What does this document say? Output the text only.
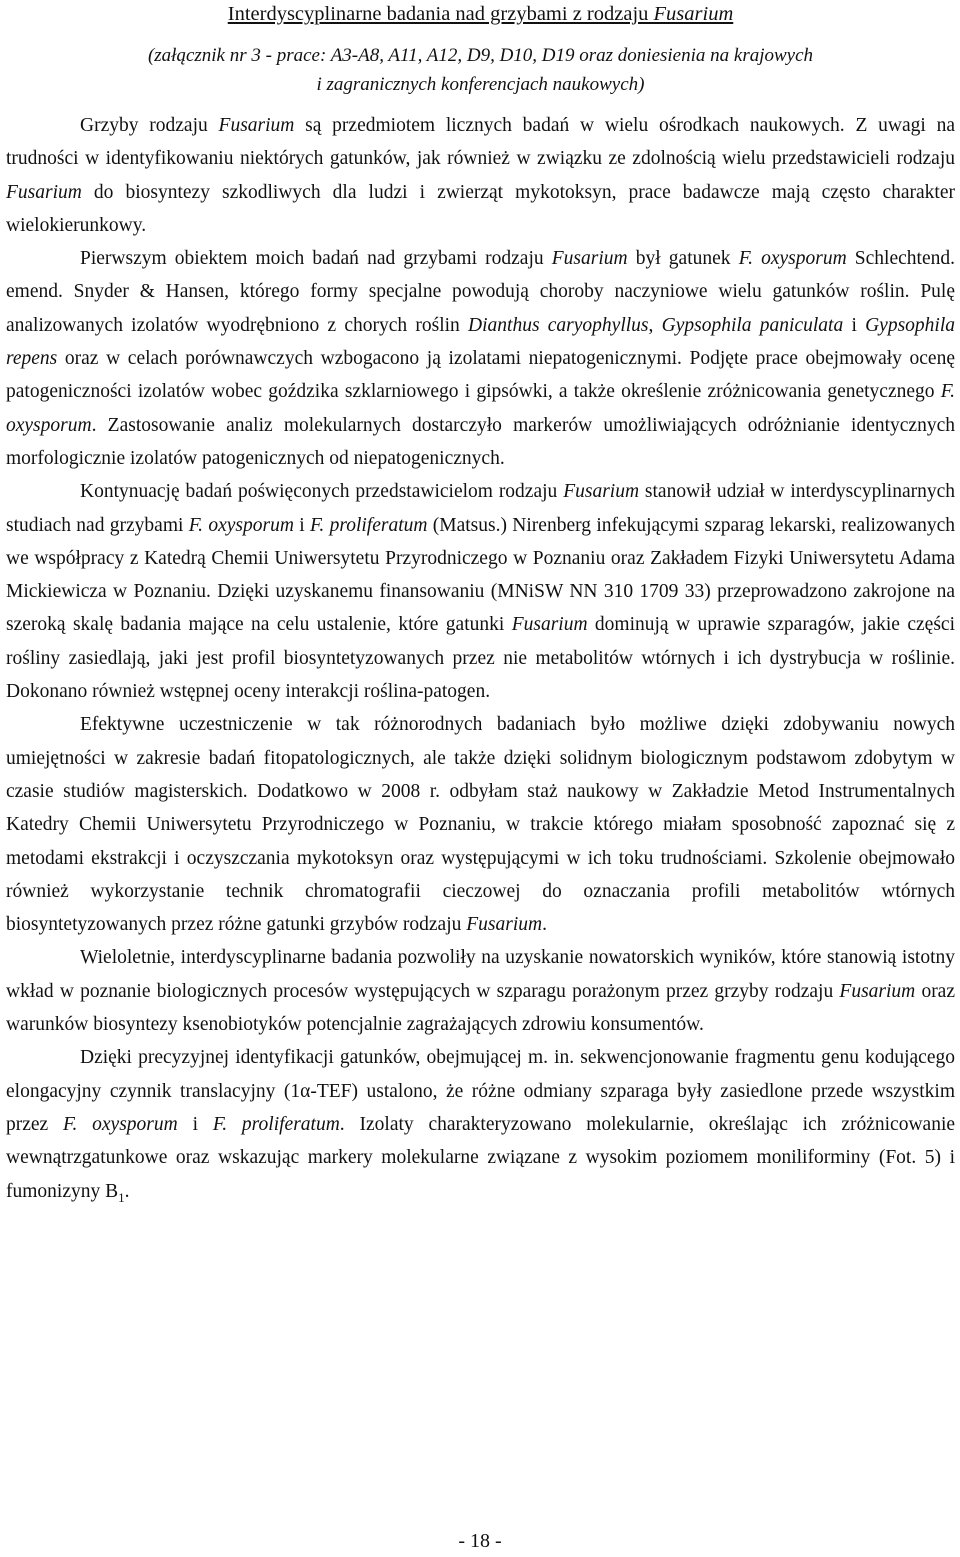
Interdyscyplinarne badania nad grzybami z rodzaju Fusarium
(załącznik nr 3 - prace: A3-A8, A11, A12, D9, D10, D19 oraz doniesienia na krajowych
i zagranicznych konferencjach naukowych)

Grzyby rodzaju Fusarium są przedmiotem licznych badań w wielu ośrodkach naukowych. Z uwagi na trudności w identyfikowaniu niektórych gatunków, jak również w związku ze zdolnością wielu przedstawicieli rodzaju Fusarium do biosyntezy szkodliwych dla ludzi i zwierząt mykotoksyn, prace badawcze mają często charakter wielokierunkowy.

Pierwszym obiektem moich badań nad grzybami rodzaju Fusarium był gatunek F. oxysporum Schlechtend. emend. Snyder & Hansen, którego formy specjalne powodują choroby naczyniowe wielu gatunków roślin. Pulę analizowanych izolatów wyodrębniono z chorych roślin Dianthus caryophyllus, Gypsophila paniculata i Gypsophila repens oraz w celach porównawczych wzbogacono ją izolatami niepatogenicznymi. Podjęte prace obejmowały ocenę patogeniczności izolatów wobec goździka szklarniowego i gipsówki, a także określenie zróżnicowania genetycznego F. oxysporum. Zastosowanie analiz molekularnych dostarczyło markerów umożliwiających odróżnianie identycznych morfologicznie izolatów patogenicznych od niepatogenicznych.

Kontynuację badań poświęconych przedstawicielom rodzaju Fusarium stanowił udział w interdyscyplinarnych studiach nad grzybami F. oxysporum i F. proliferatum (Matsus.) Nirenberg infekującymi szparag lekarski, realizowanych we współpracy z Katedrą Chemii Uniwersytetu Przyrodniczego w Poznaniu oraz Zakładem Fizyki Uniwersytetu Adama Mickiewicza w Poznaniu. Dzięki uzyskanemu finansowaniu (MNiSW NN 310 1709 33) przeprowadzono zakrojone na szeroką skalę badania mające na celu ustalenie, które gatunki Fusarium dominują w uprawie szparagów, jakie części rośliny zasiedlają, jaki jest profil biosyntetyzowanych przez nie metabolitów wtórnych i ich dystrybucja w roślinie. Dokonano również wstępnej oceny interakcji roślina-patogen.

Efektywne uczestniczenie w tak różnorodnych badaniach było możliwe dzięki zdobywaniu nowych umiejętności w zakresie badań fitopatologicznych, ale także dzięki solidnym biologicznym podstawom zdobytym w czasie studiów magisterskich. Dodatkowo w 2008 r. odbyłam staż naukowy w Zakładzie Metod Instrumentalnych Katedry Chemii Uniwersytetu Przyrodniczego w Poznaniu, w trakcie którego miałam sposobność zapoznać się z metodami ekstrakcji i oczyszczania mykotoksyn oraz występującymi w ich toku trudnościami. Szkolenie obejmowało również wykorzystanie technik chromatografii cieczowej do oznaczania profili metabolitów wtórnych biosyntetyzowanych przez różne gatunki grzybów rodzaju Fusarium.

Wieloletnie, interdyscyplinarne badania pozwoliły na uzyskanie nowatorskich wyników, które stanowią istotny wkład w poznanie biologicznych procesów występujących w szparagu porażonym przez grzyby rodzaju Fusarium oraz warunków biosyntezy ksenobiotyków potencjalnie zagrażających zdrowiu konsumentów.

Dzięki precyzyjnej identyfikacji gatunków, obejmującej m. in. sekwencjonowanie fragmentu genu kodującego elongacyjny czynnik translacyjny (1α-TEF) ustalono, że różne odmiany szparaga były zasiedlone przede wszystkim przez F. oxysporum i F. proliferatum. Izolaty charakteryzowano molekularnie, określając ich zróżnicowanie wewnątrzgatunkowe oraz wskazując markery molekularne związane z wysokim poziomem moniliforminy (Fot. 5) i fumonizyny $B_1$.

- 18 -
